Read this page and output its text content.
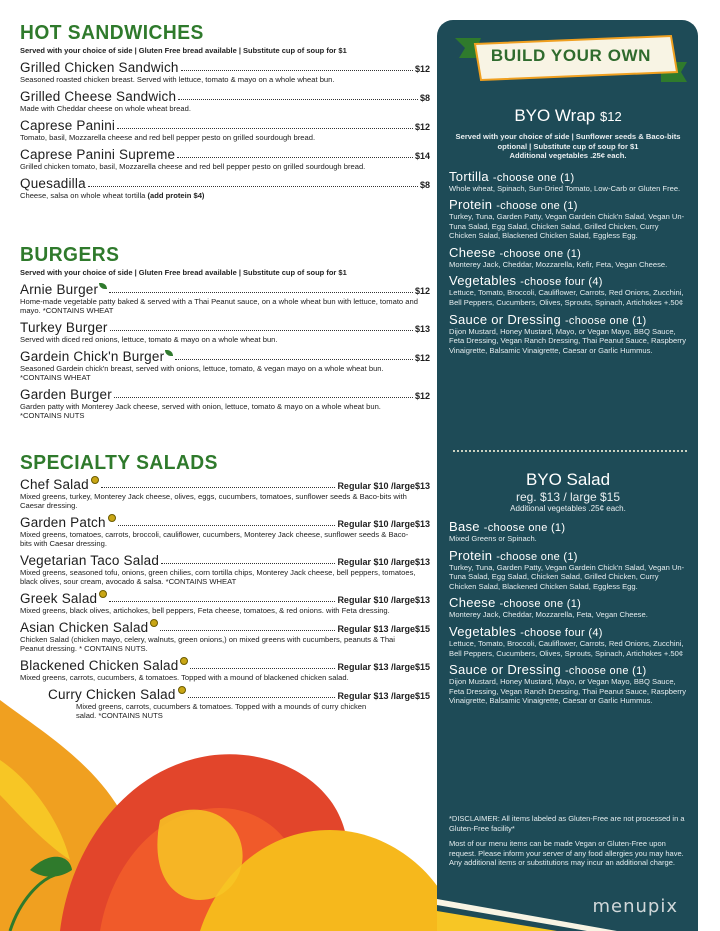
HOT SANDWICHES
Served with your choice of side | Gluten Free bread available | Substitute cup of soup for $1
Grilled Chicken Sandwich	$12
Seasoned roasted chicken breast. Served with lettuce, tomato & mayo on a whole wheat bun.
Grilled Cheese Sandwich	$8
Made with Cheddar cheese on whole wheat bread.
Caprese Panini	$12
Tomato, basil, Mozzarella cheese and red bell pepper pesto on grilled sourdough bread.
Caprese Panini Supreme	$14
Grilled chicken tomato, basil, Mozzarella cheese and red bell pepper pesto on grilled sourdough bread.
Quesadilla	$8
Cheese, salsa on whole wheat tortilla (add protein $4)
BURGERS
Served with your choice of side | Gluten Free bread available | Substitute cup of soup for $1
Arnie Burger	$12
Home-made vegetable patty baked & served with a Thai Peanut sauce, on a whole wheat bun with lettuce, tomato and mayo. *CONTAINS WHEAT
Turkey Burger	$13
Served with diced red onions, lettuce, tomato & mayo on a whole wheat bun.
Gardein Chick'n Burger	$12
Seasoned Gardein chick'n breast, served with onions, lettuce, tomato, & vegan mayo on a whole wheat bun. *CONTAINS WHEAT
Garden Burger	$12
Garden patty with Monterey Jack cheese, served with onion, lettuce, tomato & mayo on a whole wheat bun. *CONTAINS NUTS
SPECIALTY SALADS
Chef Salad	Regular $10 /large$13
Mixed greens, turkey, Monterey Jack cheese, olives, eggs, cucumbers, tomatoes, sunflower seeds & Baco-bits with Caesar dressing.
Garden Patch	Regular $10 /large$13
Mixed greens, tomatoes, carrots, broccoli, cauliflower, cucumbers, Monterey Jack cheese, sunflower seeds & Baco-bits with Caesar dressing.
Vegetarian Taco Salad	Regular $10 /large$13
Mixed greens, seasoned tofu, onions, green chilies, corn tortilla chips, Monterey Jack cheese, bell peppers, tomatoes, black olives, sour cream, avocado & salsa. *CONTAINS WHEAT
Greek Salad	Regular $10 /large$13
Mixed greens, black olives, artichokes, bell peppers, Feta cheese, tomatoes, & red onions. with Feta dressing.
Asian Chicken Salad	Regular $13 /large$15
Chicken Salad (chicken mayo, celery, walnuts, green onions,) on mixed greens with cucumbers, peanuts & Thai Peanut dressing. * CONTAINS NUTS.
Blackened Chicken Salad	Regular $13 /large$15
Mixed greens, carrots, cucumbers, & tomatoes. Topped with a mound of blackened chicken salad.
Curry Chicken Salad	Regular $13 /large$15
Mixed greens, carrots, cucumbers & tomatoes. Topped with a mounds of curry chicken salad. *CONTAINS NUTS
BUILD YOUR OWN
BYO Wrap $12
Served with your choice of side | Sunflower seeds & Baco-bits optional | Substitute cup of soup for $1
Additional vegetables .25¢ each.
Tortilla -choose one (1)
Whole wheat, Spinach, Sun-Dried Tomato, Low-Carb or Gluten Free.
Protein -choose one (1)
Turkey, Tuna, Garden Patty, Vegan Gardein Chick'n Salad, Vegan Un-Tuna Salad, Egg Salad, Chicken Salad, Grilled Chicken, Curry Chicken Salad, Blackened Chicken Salad, Eggless Egg.
Cheese -choose one (1)
Monterey Jack, Cheddar, Mozzarella, Kefir, Feta, Vegan Cheese.
Vegetables -choose four (4)
Lettuce, Tomato, Broccoli, Cauliflower, Carrots, Red Onions, Zucchini, Bell Peppers, Cucumbers, Olives, Sprouts, Spinach, Artichokes +.50¢
Sauce or Dressing -choose one (1)
Dijon Mustard, Honey Mustard, Mayo, or Vegan Mayo, BBQ Sauce, Feta Dressing, Vegan Ranch Dressing, Thai Peanut Sauce, Raspberry Vinaigrette, Balsamic Vinaigrette, Caesar or Garlic Hummus.
BYO Salad
reg. $13 / large $15
Additional vegetables .25¢ each.
Base -choose one (1)
Mixed Greens or Spinach.
Protein -choose one (1)
Turkey, Tuna, Garden Patty, Vegan Gardein Chick'n Salad, Vegan Un-Tuna Salad, Egg Salad, Chicken Salad, Grilled Chicken, Curry Chicken Salad, Blackened Chicken Salad, Eggless Egg.
Cheese -choose one (1)
Monterey Jack, Cheddar, Mozzarella, Feta, Vegan Cheese.
Vegetables -choose four (4)
Lettuce, Tomato, Broccoli, Cauliflower, Carrots, Red Onions, Zucchini, Bell Peppers, Cucumbers, Olives, Sprouts, Spinach, Artichokes +.50¢
Sauce or Dressing -choose one (1)
Dijon Mustard, Honey Mustard, Mayo, or Vegan Mayo, BBQ Sauce, Feta Dressing, Vegan Ranch Dressing, Thai Peanut Sauce, Raspberry Vinaigrette, Balsamic Vinaigrette, Caesar or Garlic Hummus.
*DISCLAIMER: All items labeled as Gluten-Free are not processed in a Gluten-Free facility*
Most of our menu items can be made Vegan or Gluten-Free upon request. Please inform your server of any food allergies you may have. Any additional items or substitutions may incur an additional charge.
menupix
